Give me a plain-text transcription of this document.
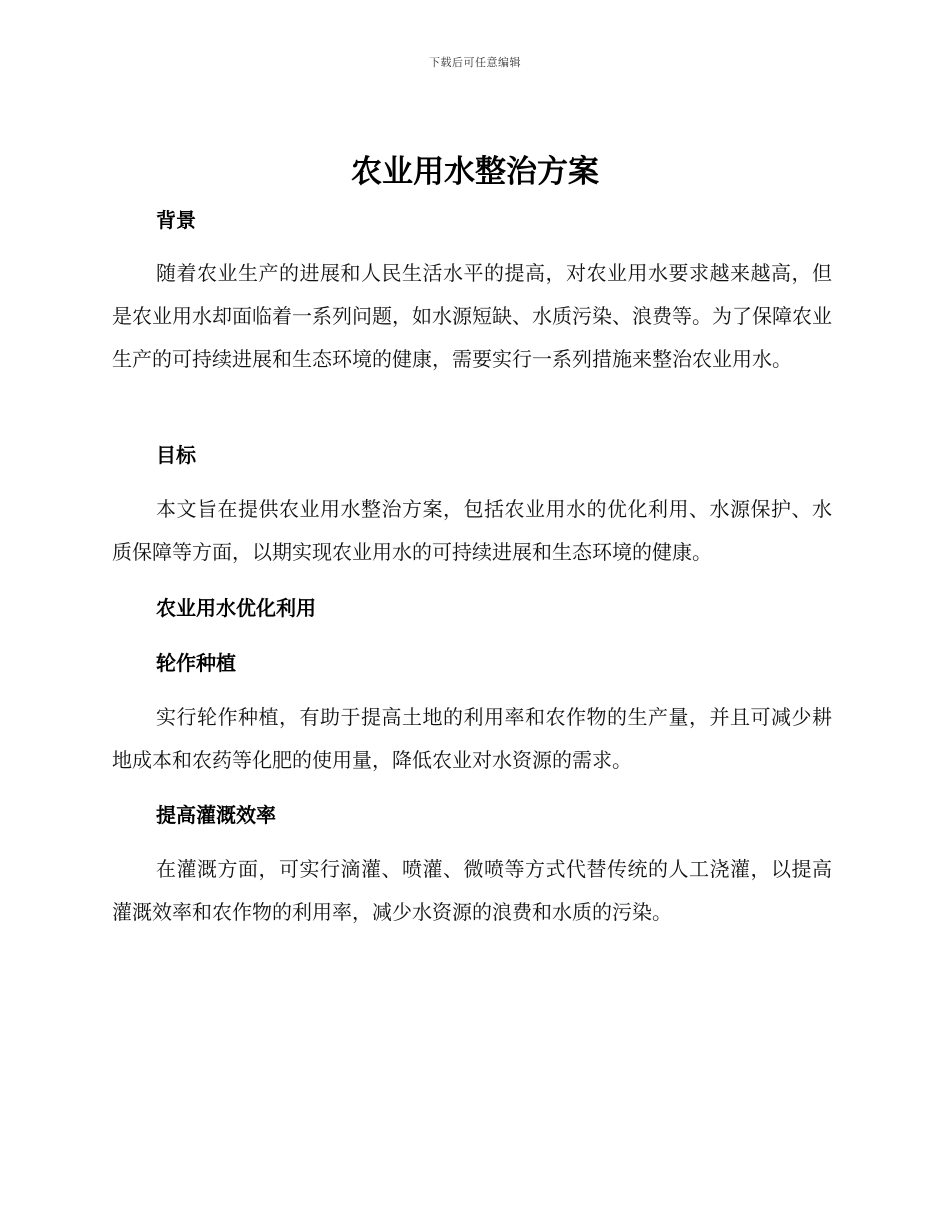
下载后可任意编辑
农业用水整治方案
背景
随着农业生产的进展和人民生活水平的提高，对农业用水要求越来越高，但是农业用水却面临着一系列问题，如水源短缺、水质污染、浪费等。为了保障农业生产的可持续进展和生态环境的健康，需要实行一系列措施来整治农业用水。
目标
本文旨在提供农业用水整治方案，包括农业用水的优化利用、水源保护、水质保障等方面，以期实现农业用水的可持续进展和生态环境的健康。
农业用水优化利用
轮作种植
实行轮作种植，有助于提高土地的利用率和农作物的生产量，并且可减少耕地成本和农药等化肥的使用量，降低农业对水资源的需求。
提高灌溉效率
在灌溉方面，可实行滴灌、喷灌、微喷等方式代替传统的人工浇灌，以提高灌溉效率和农作物的利用率，减少水资源的浪费和水质的污染。
